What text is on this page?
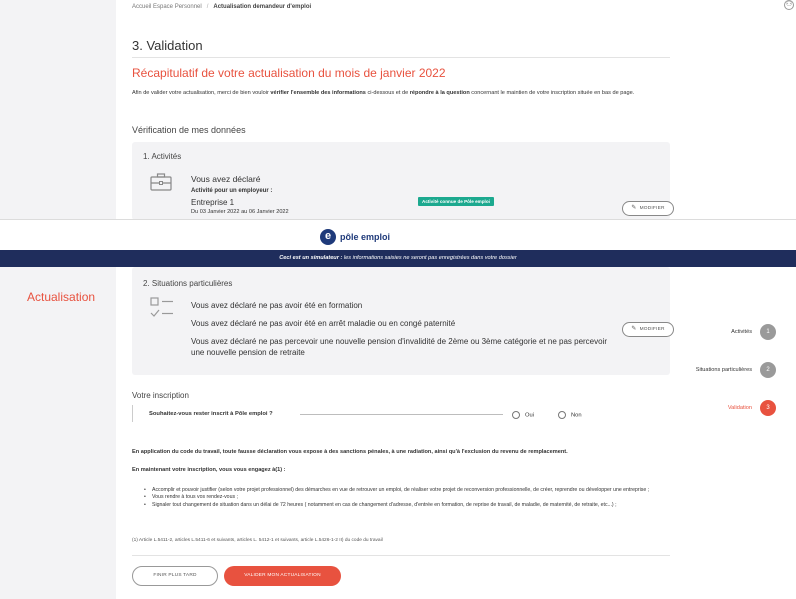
Accueil Espace Personnel / Actualisation demandeur d'emploi
3. Validation
Récapitulatif de votre actualisation du mois de janvier 2022
Afin de valider votre actualisation, merci de bien vouloir vérifier l'ensemble des informations ci-dessous et de répondre à la question concernant le maintien de votre inscription située en bas de page.
Vérification de mes données
1. Activités
Vous avez déclaré
Activité pour un employeur :
Entreprise 1
Du 03 Janvier 2022 au 06 Janvier 2022
Activité connue de Pôle emploi
✎ MODIFIER
2. Situations particulières
Vous avez déclaré ne pas avoir été en formation
Vous avez déclaré ne pas avoir été en arrêt maladie ou en congé paternité
Vous avez déclaré ne pas percevoir une nouvelle pension d'invalidité de 2ème ou 3ème catégorie et ne pas percevoir une nouvelle pension de retraite
✎ MODIFIER
Votre inscription
Souhaitez-vous rester inscrit à Pôle emploi ?	Oui	Non
En application du code du travail, toute fausse déclaration vous expose à des sanctions pénales, à une radiation, ainsi qu'à l'exclusion du revenu de remplacement.
En maintenant votre inscription, vous vous engagez à(1) :
• Accomplir et pouvoir justifier (selon votre projet professionnel) des démarches en vue de retrouver un emploi, de réaliser votre projet de reconversion professionnelle, de créer, reprendre ou développer une entreprise ;
• Vous rendre à tous vos rendez-vous ;
• Signaler tout changement de situation dans un délai de 72 heures ( notamment en cas de changement d'adresse, d'entrée en formation, de reprise de travail, de maladie, de maternité, de retraite, etc...) ;
(1) Article L.5411-2, articles L.5411-6 et suivants, articles L. 5412-1 et suivants, article L.5426-1-2 II) du code du travail
FINIR PLUS TARD	VALIDER MON ACTUALISATION
⚇
e pôle emploi
Ceci est un simulateur : les informations saisies ne seront pas enregistrées dans votre dossier
Actualisation
Activités	1
Situations particulières	2
Validation	3
